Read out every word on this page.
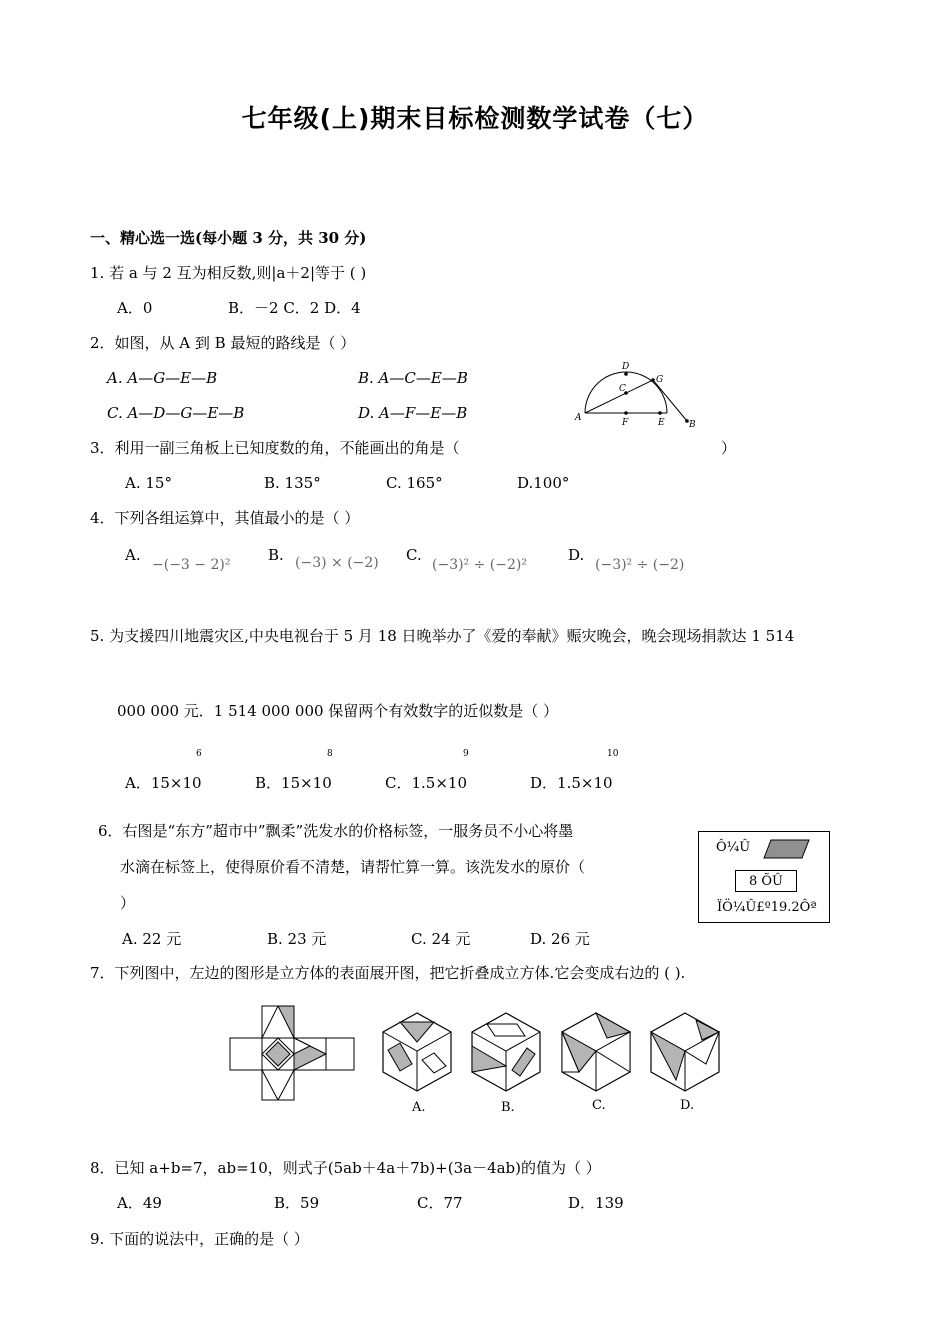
七年级(上)期末目标检测数学试卷（七）
一、精心选一选(每小题 3 分，共 30 分)
1. 若 a 与 2 互为相反数,则|a＋2|等于 ( )
A．0	B．－2 C．2 D．4
2．如图，从 A 到 B 最短的路线是（ ）
A. A—G—E—B	B. A—C—E—B
C. A—D—G—E—B	D. A—F—E—B
D
G
C
A	F	E	B
3．利用一副三角板上已知度数的角，不能画出的角是（	）
A. 15°	B. 135°	C. 165°	D.100°
4．下列各组运算中，其值最小的是（ ）
A.
−(−3 − 2)²
B. (−3) × (−2) C.
(−3)² ÷ (−2)²
D.
(−3)² ÷ (−2)
5. 为支援四川地震灾区,中央电视台于 5 月 18 日晚举办了《爱的奉献》赈灾晚会，晚会现场捐款达 1 514
000 000 元．1 514 000 000 保留两个有效数字的近似数是（ ）
6	8	9	10
A．15×10	B．15×10	C．1.5×10	D．1.5×10
6．右图是“东方”超市中”飘柔”洗发水的价格标签，一服务员不小心将墨
水滴在标签上，使得原价看不清楚，请帮忙算一算。该洗发水的原价（
）
A. 22 元	B. 23 元	C. 24 元	D. 26 元
Ô¼Û
8 ÕÛ
ÏÖ¼Û£º19.2Ôª
7．下列图中，左边的图形是立方体的表面展开图，把它折叠成立方体.它会变成右边的 ( ).
A.	B.	C.	D.
8．已知 a+b=7，ab=10，则式子(5ab＋4a＋7b)+(3a－4ab)的值为（ ）
A．49	B．59	C．77	D．139
9. 下面的说法中，正确的是（ ）
